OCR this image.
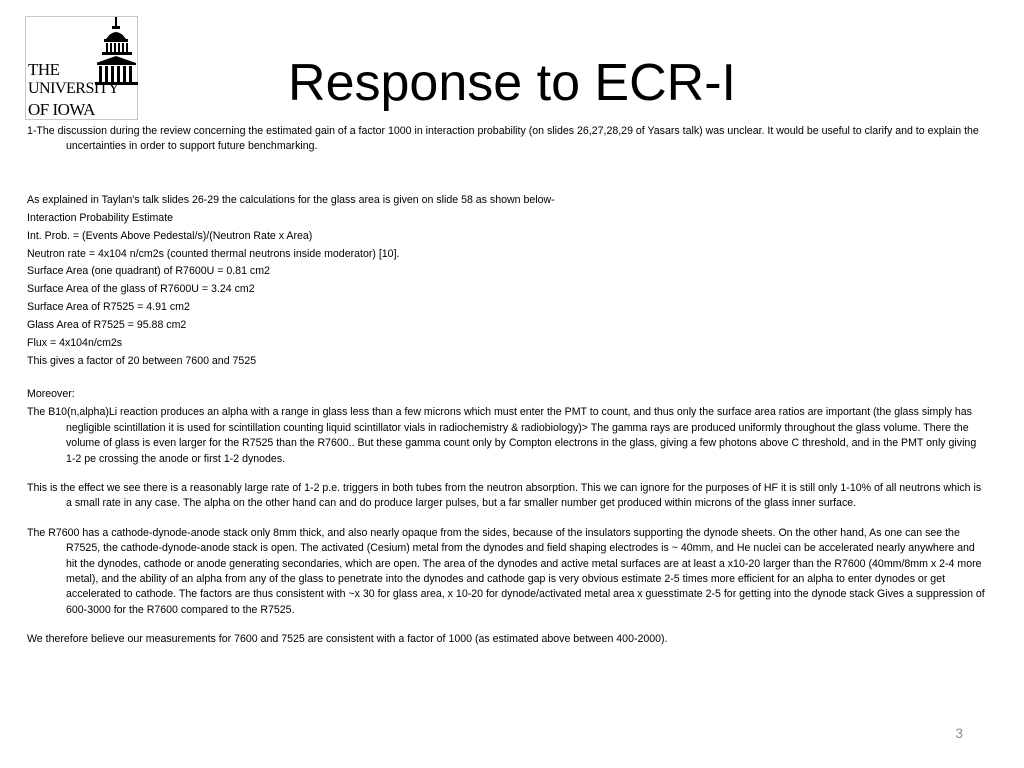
THE
UNIVERSITY
OF IOWA	Response to ECR-I

1-The discussion during the review concerning the estimated gain of a factor 1000 in interaction probability (on slides 26,27,28,29 of Yasars talk) was unclear. It would be useful to clarify and to explain the uncertainties in order to support future benchmarking.

As explained in Taylan's talk slides 26-29 the calculations for the glass area is given on slide 58 as shown below-

Interaction Probability Estimate

Int. Prob. = (Events Above Pedestal/s)/(Neutron Rate x Area)

Neutron rate = 4x104 n/cm2s (counted thermal neutrons inside moderator) [10].

Surface Area (one quadrant) of R7600U = 0.81 cm2

Surface Area of the glass of R7600U = 3.24 cm2

Surface Area of R7525 = 4.91 cm2

Glass Area of R7525 = 95.88 cm2

Flux = 4x104n/cm2s

This gives a factor of 20 between 7600 and 7525

Moreover:

The B10(n,alpha)Li reaction produces an alpha with a range in glass less than a few microns which must enter the PMT to count, and thus only the surface area ratios are important (the glass simply has negligible scintillation it is used for scintillation counting liquid scintillator vials in radiochemistry & radiobiology)> The gamma rays are produced uniformly throughout the glass volume. There the volume of glass is even larger for the R7525 than the R7600.. But these gamma count only by Compton electrons in the glass, giving a few photons above C threshold, and in the PMT only giving 1-2 pe crossing the anode or first 1-2 dynodes.

This is the effect we see there is a reasonably large rate of 1-2 p.e. triggers in both tubes from the neutron absorption. This we can ignore for the purposes of HF it is still only 1-10% of all neutrons which is a small rate in any case. The alpha on the other hand can and do produce larger pulses, but a far smaller number get produced within microns of the glass inner surface.

The R7600 has a cathode-dynode-anode stack only 8mm thick, and also nearly opaque from the sides, because of the insulators supporting the dynode sheets. On the other hand, As one can see the R7525, the cathode-dynode-anode stack is open. The activated (Cesium) metal from the dynodes and field shaping electrodes is ~ 40mm, and He nuclei can be accelerated nearly anywhere and hit the dynodes, cathode or anode generating secondaries, which are open. The area of the dynodes and active metal surfaces are at least a x10-20 larger than the R7600 (40mm/8mm x 2-4 more metal), and the ability of an alpha from any of the glass to penetrate into the dynodes and cathode gap is very obvious estimate 2-5 times more efficient for an alpha to enter dynodes or get accelerated to cathode. The factors are thus consistent with ~x 30 for glass area, x 10-20 for dynode/activated metal area x guesstimate 2-5 for getting into the dynode stack Gives a suppression of 600-3000 for the R7600 compared to the R7525.

We therefore believe our measurements for 7600 and 7525 are consistent with a factor of 1000 (as estimated above between 400-2000).

3
